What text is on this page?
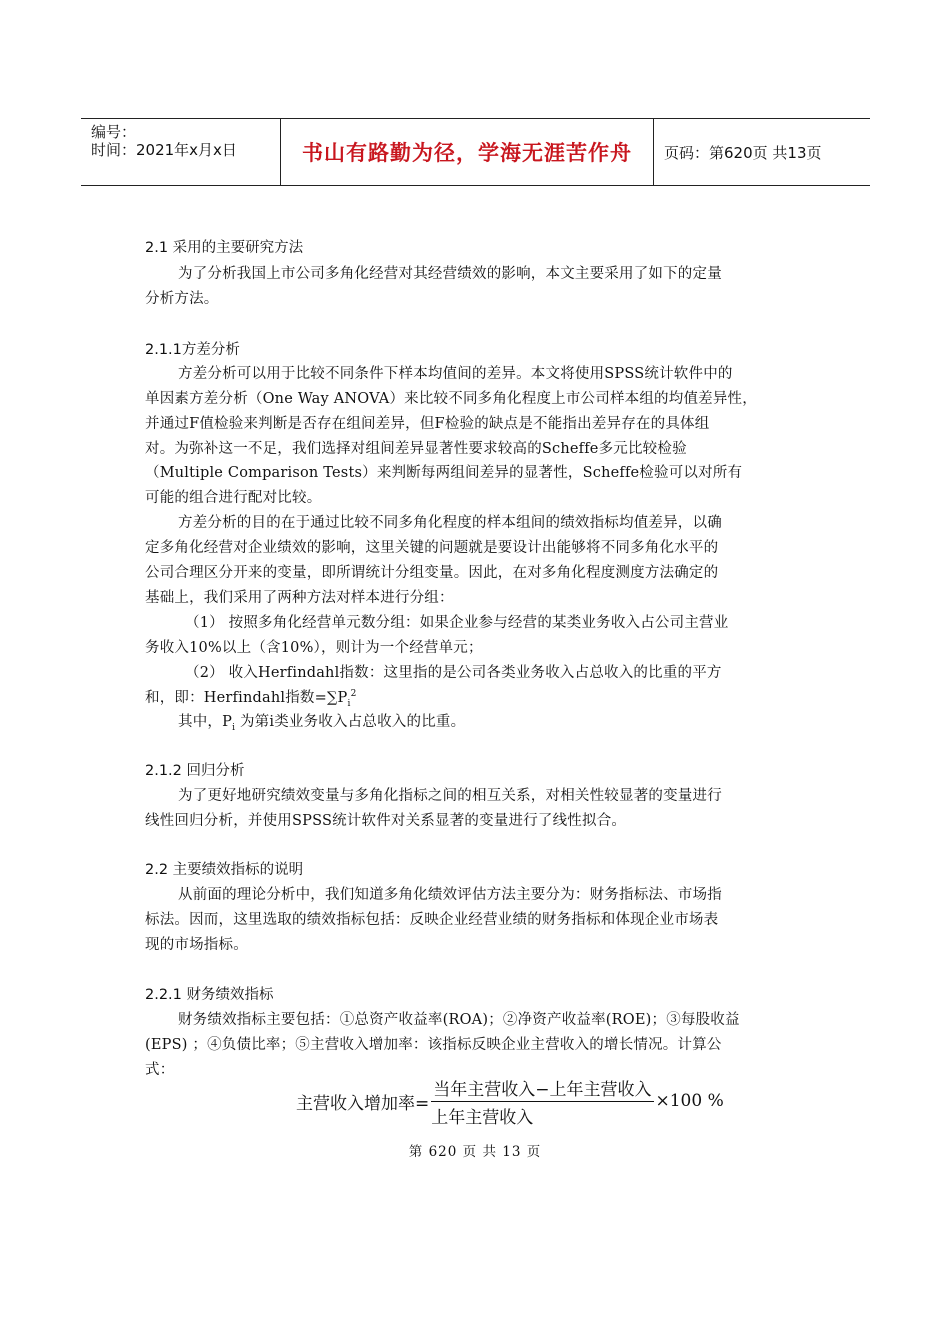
编号：
时间：2021年x月x日	书山有路勤为径，学海无涯苦作舟 页码：第620页 共13页
2.1 采用的主要研究方法
为了分析我国上市公司多角化经营对其经营绩效的影响，本文主要采用了如下的定量
分析方法。
2.1.1方差分析
方差分析可以用于比较不同条件下样本均值间的差异。本文将使用SPSS统计软件中的
单因素方差分析（One Way ANOVA）来比较不同多角化程度上市公司样本组的均值差异性，
并通过F值检验来判断是否存在组间差异，但F检验的缺点是不能指出差异存在的具体组
对。为弥补这一不足，我们选择对组间差异显著性要求较高的Scheffe多元比较检验
（Multiple Comparison Tests）来判断每两组间差异的显著性，Scheffe检验可以对所有
可能的组合进行配对比较。
方差分析的目的在于通过比较不同多角化程度的样本组间的绩效指标均值差异，以确
定多角化经营对企业绩效的影响，这里关键的问题就是要设计出能够将不同多角化水平的
公司合理区分开来的变量，即所谓统计分组变量。因此，在对多角化程度测度方法确定的
基础上，我们采用了两种方法对样本进行分组：
（1） 按照多角化经营单元数分组：如果企业参与经营的某类业务收入占公司主营业
务收入10%以上（含10%），则计为一个经营单元；
（2） 收入Herfindahl指数：这里指的是公司各类业务收入占总收入的比重的平方
和，即：Herfindahl指数$=\sum P_i^2$
其中，$P_i$ 为第i类业务收入占总收入的比重。
2.1.2 回归分析
为了更好地研究绩效变量与多角化指标之间的相互关系，对相关性较显著的变量进行
线性回归分析，并使用SPSS统计软件对关系显著的变量进行了线性拟合。
2.2 主要绩效指标的说明
从前面的理论分析中，我们知道多角化绩效评估方法主要分为：财务指标法、市场指
标法。因而，这里选取的绩效指标包括：反映企业经营业绩的财务指标和体现企业市场表
现的市场指标。
2.2.1 财务绩效指标
财务绩效指标主要包括：①总资产收益率(ROA)；②净资产收益率(ROE)；③每股收益
(EPS) ；④负债比率；⑤主营收入增加率：该指标反映企业主营收入的增长情况。计算公
式：
主营收入增加率= $\frac{\text{当年主营收入−上年主营收入}}{\text{上年主营收入}} \times 100$ %
第 620 页 共 13 页
